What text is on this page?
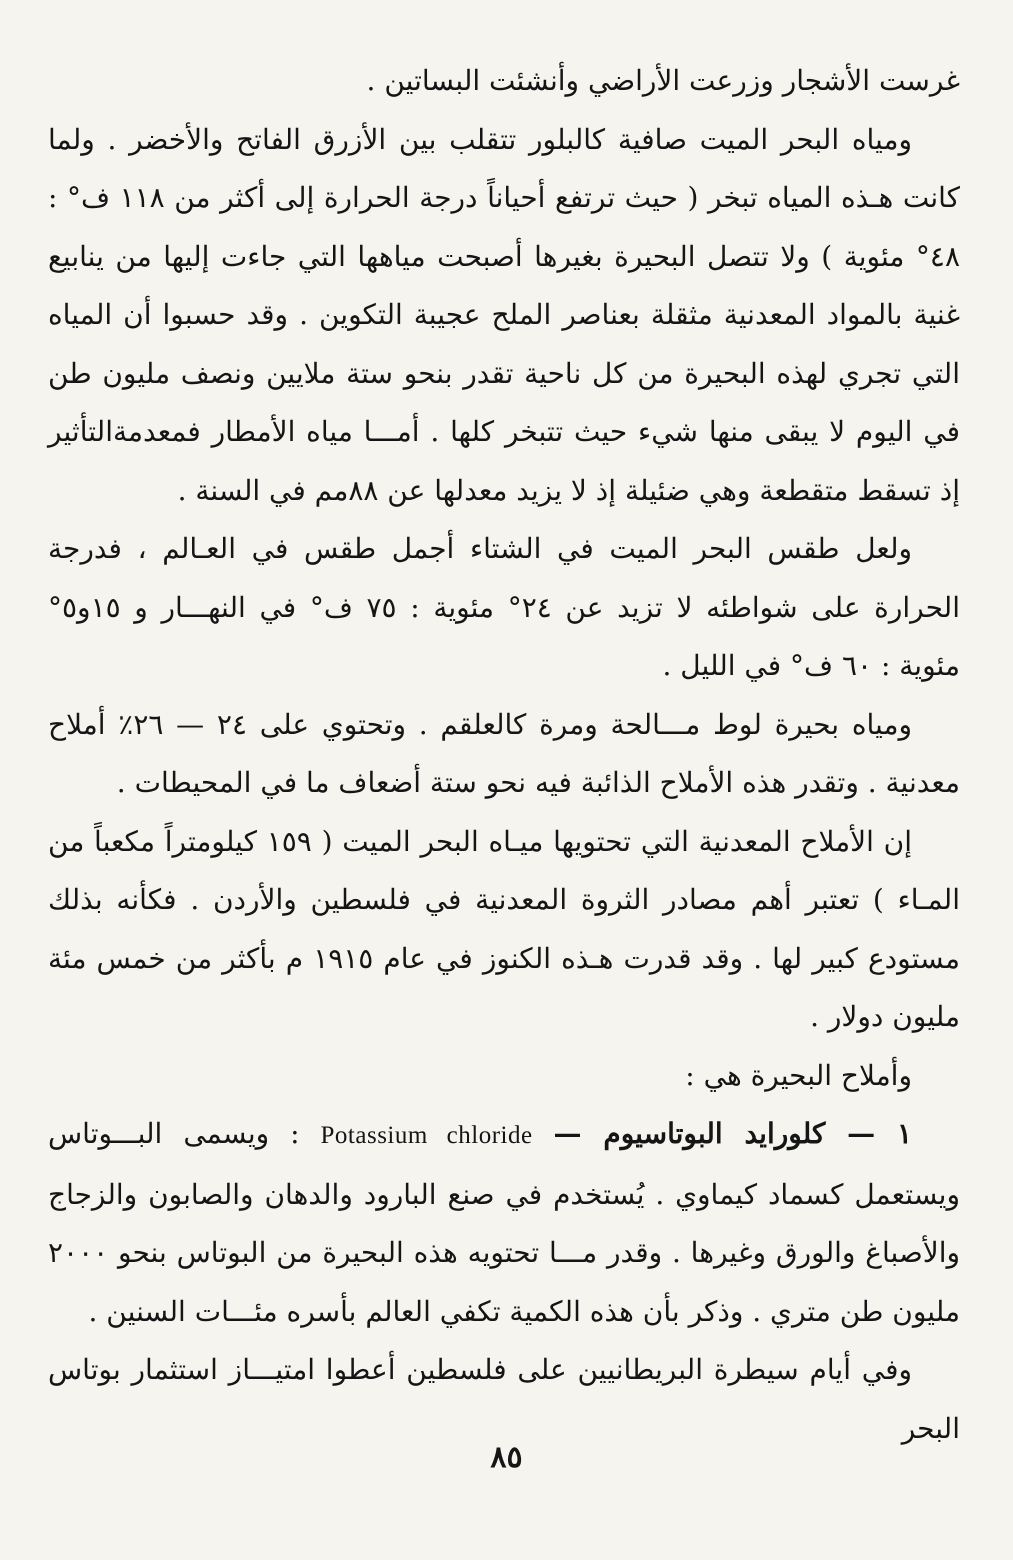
غرست الأشجار وزرعت الأراضي وأنشئت البساتين .

ومياه البحر الميت صافية كالبلور تتقلب بين الأزرق الفاتح والأخضر . ولما كانت هـذه المياه تبخر ( حيث ترتفع أحياناً درجة الحرارة إلى أكثر من ١١٨ ف° : ٤٨° مئوية ) ولا تتصل البحيرة بغيرها أصبحت مياهها التي جاءت إليها من ينابيع غنية بالمواد المعدنية مثقلة بعناصر الملح عجيبة التكوين . وقد حسبوا أن المياه التي تجري لهذه البحيرة من كل ناحية تقدر بنحو ستة ملايين ونصف مليون طن في اليوم لا يبقى منها شيء حيث تتبخر كلها . أمـــا مياه الأمطار فمعدمةالتأثير إذ تسقط متقطعة وهي ضئيلة إذ لا يزيد معدلها عن ٨٨مم في السنة .

ولعل طقس البحر الميت في الشتاء أجمل طقس في العـالم ، فدرجة الحرارة على شواطئه لا تزيد عن ٢٤° مئوية : ٧٥ ف° في النهـــار و ١٥و٥° مئوية : ٦٠ ف° في الليل .

ومياه بحيرة لوط مـــالحة ومرة كالعلقم . وتحتوي على ٢٤ — ٢٦٪ أملاح معدنية . وتقدر هذه الأملاح الذائبة فيه نحو ستة أضعاف ما في المحيطات .

إن الأملاح المعدنية التي تحتويها ميـاه البحر الميت ( ١٥٩ كيلومتراً مكعباً من المـاء ) تعتبر أهم مصادر الثروة المعدنية في فلسطين والأردن . فكأنه بذلك مستودع كبير لها . وقد قدرت هـذه الكنوز في عام ١٩١٥ م بأكثر من خمس مئة مليون دولار .

وأملاح البحيرة هي :

١ — كلورايد البوتاسيوم — Potassium chloride : ويسمى البـــوتاس ويستعمل كسماد كيماوي . يُستخدم في صنع البارود والدهان والصابون والزجاج والأصباغ والورق وغيرها . وقدر مـــا تحتويه هذه البحيرة من البوتاس بنحو ٢٠٠٠ مليون طن متري . وذكر بأن هذه الكمية تكفي العالم بأسره مئـــات السنين .

وفي أيام سيطرة البريطانيين على فلسطين أعطوا امتيـــاز استثمار بوتاس البحر

٨٥
